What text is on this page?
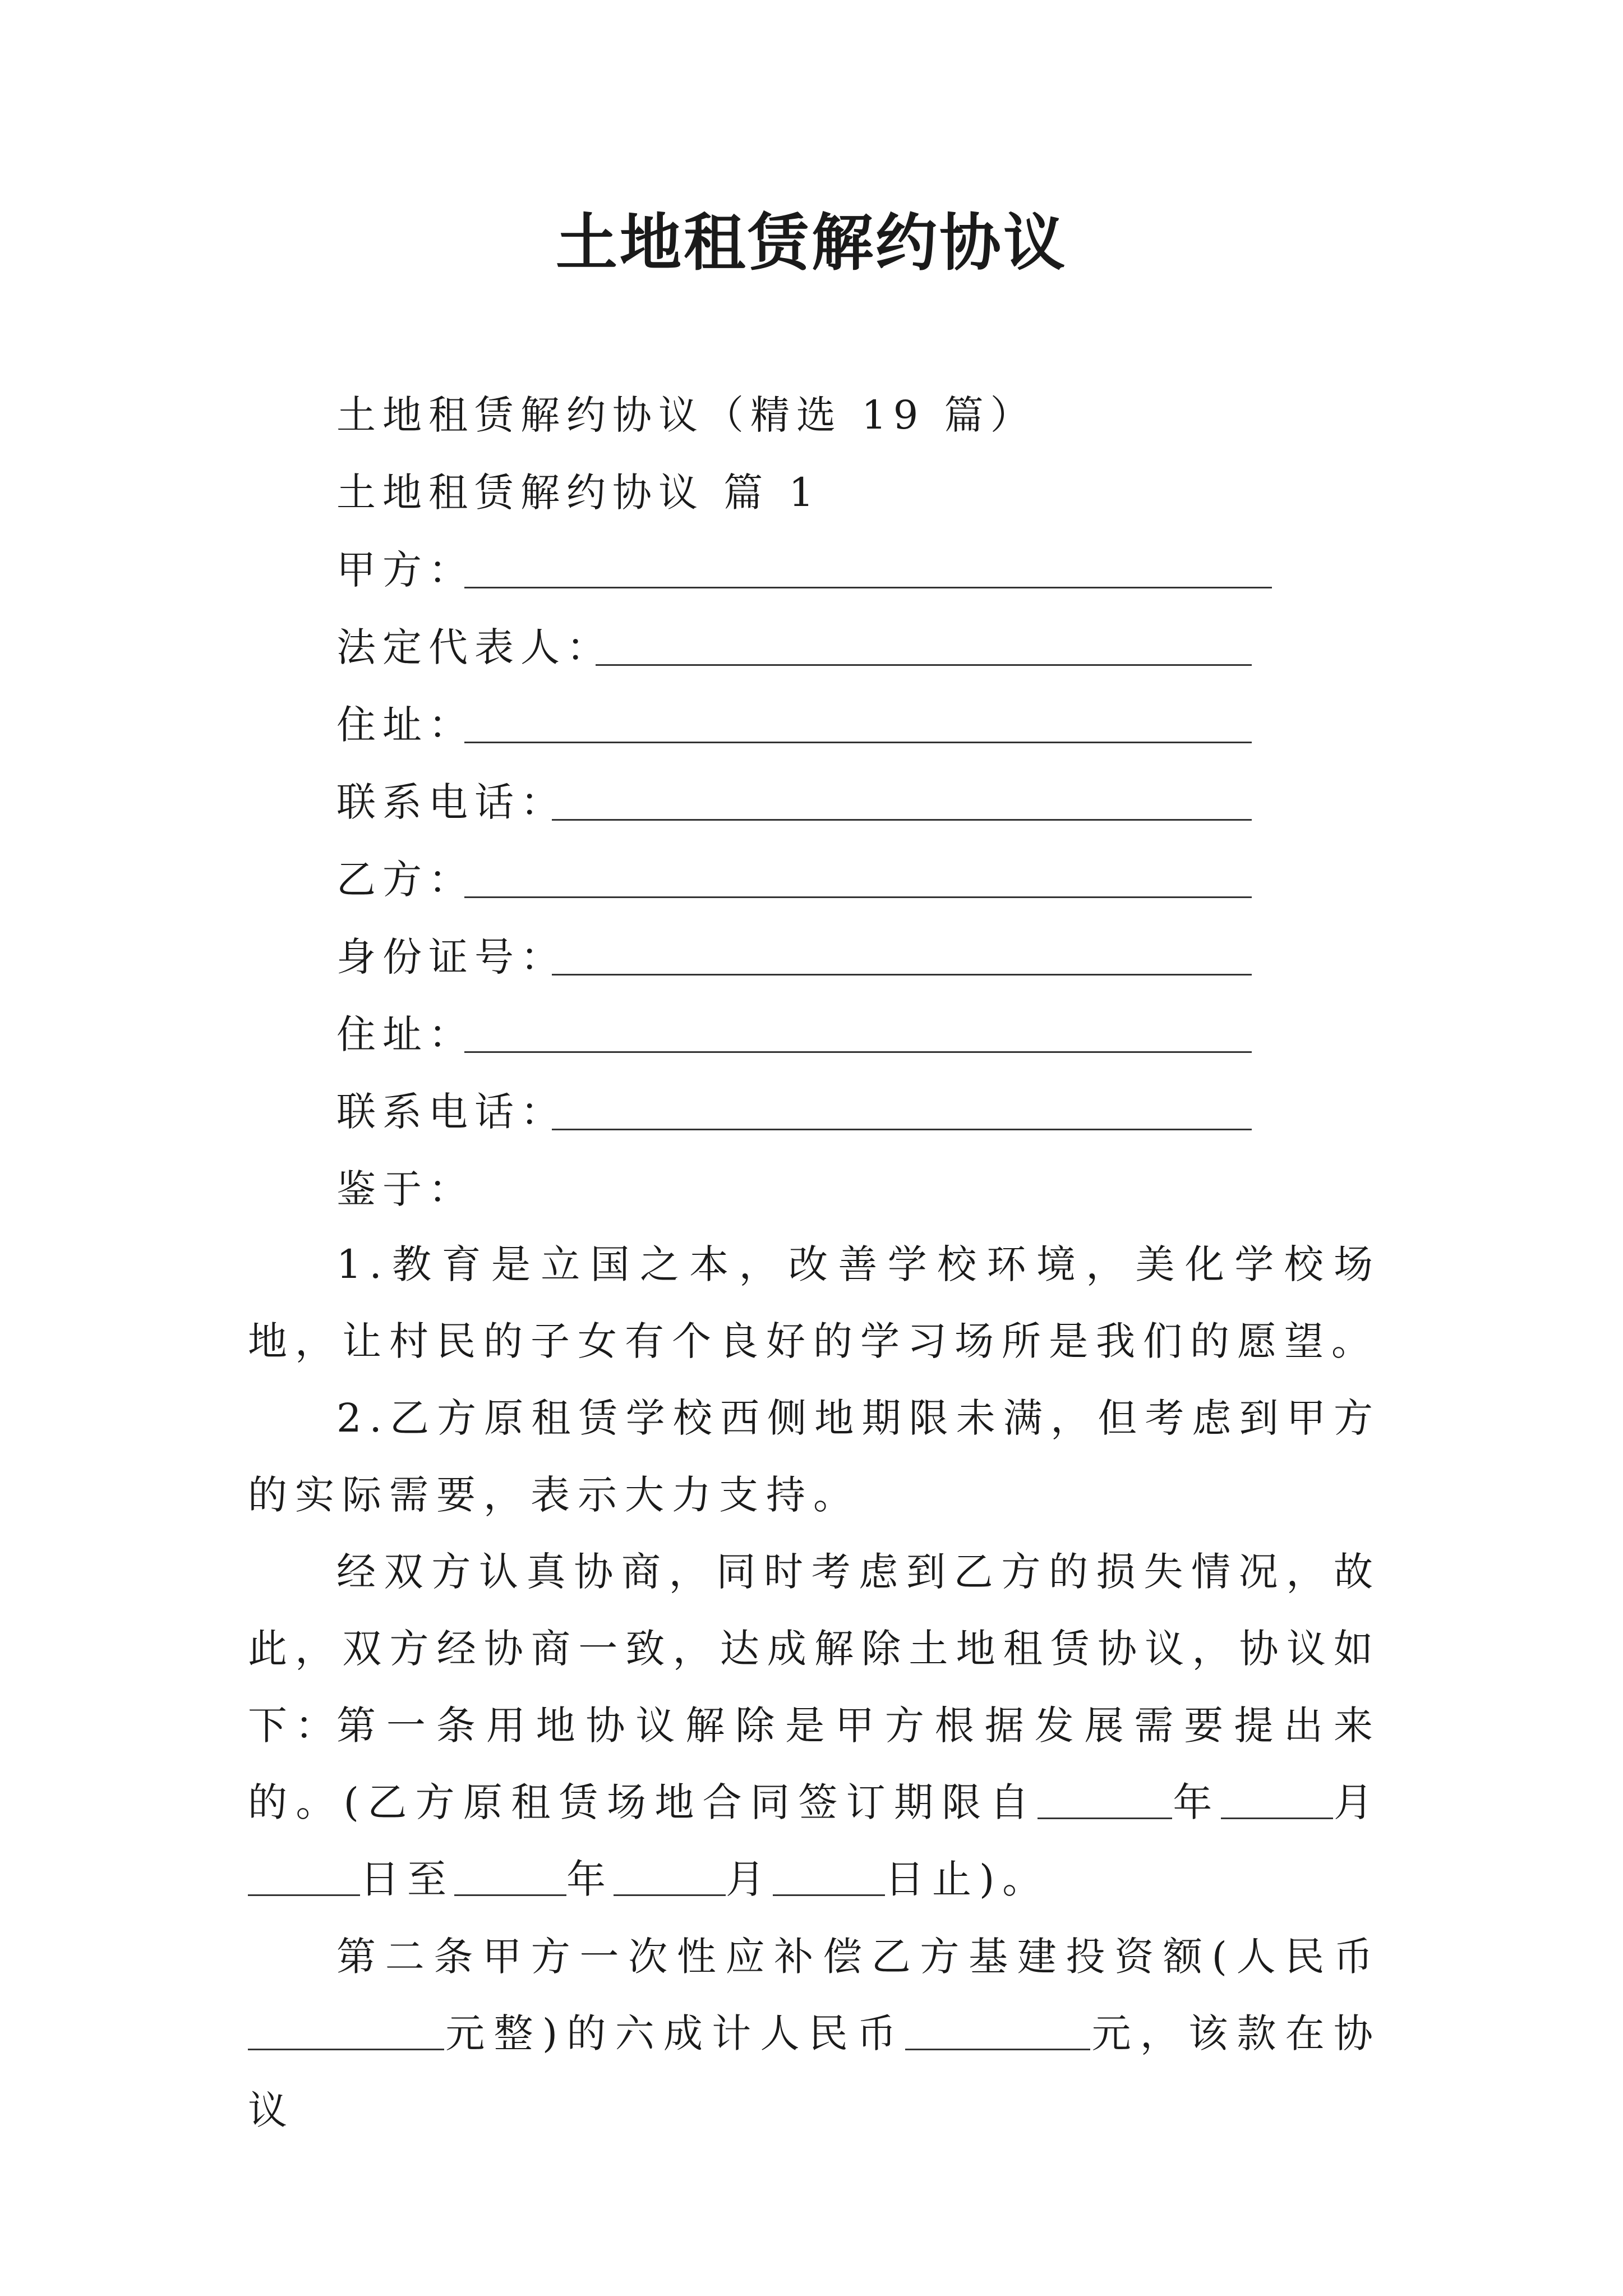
土地租赁解约协议
土地租赁解约协议（精选 19 篇）
土地租赁解约协议 篇 1
甲方：
法定代表人：
住址：
联系电话：
乙方：
身份证号：
住址：
联系电话：
鉴于：
1.教育是立国之本，改善学校环境，美化学校场地，让村民的子女有个良好的学习场所是我们的愿望。
2.乙方原租赁学校西侧地期限未满，但考虑到甲方的实际需要，表示大力支持。
经双方认真协商，同时考虑到乙方的损失情况，故此，双方经协商一致，达成解除土地租赁协议，协议如下：
第一条用地协议解除是甲方根据发展需要提出来的。(乙方原租赁场地合同签订期限自	年	月日至	年	月	日止)。
第二条甲方一次性应补偿乙方基建投资额(人民币元整)的六成计人民币	元，该款在协议
